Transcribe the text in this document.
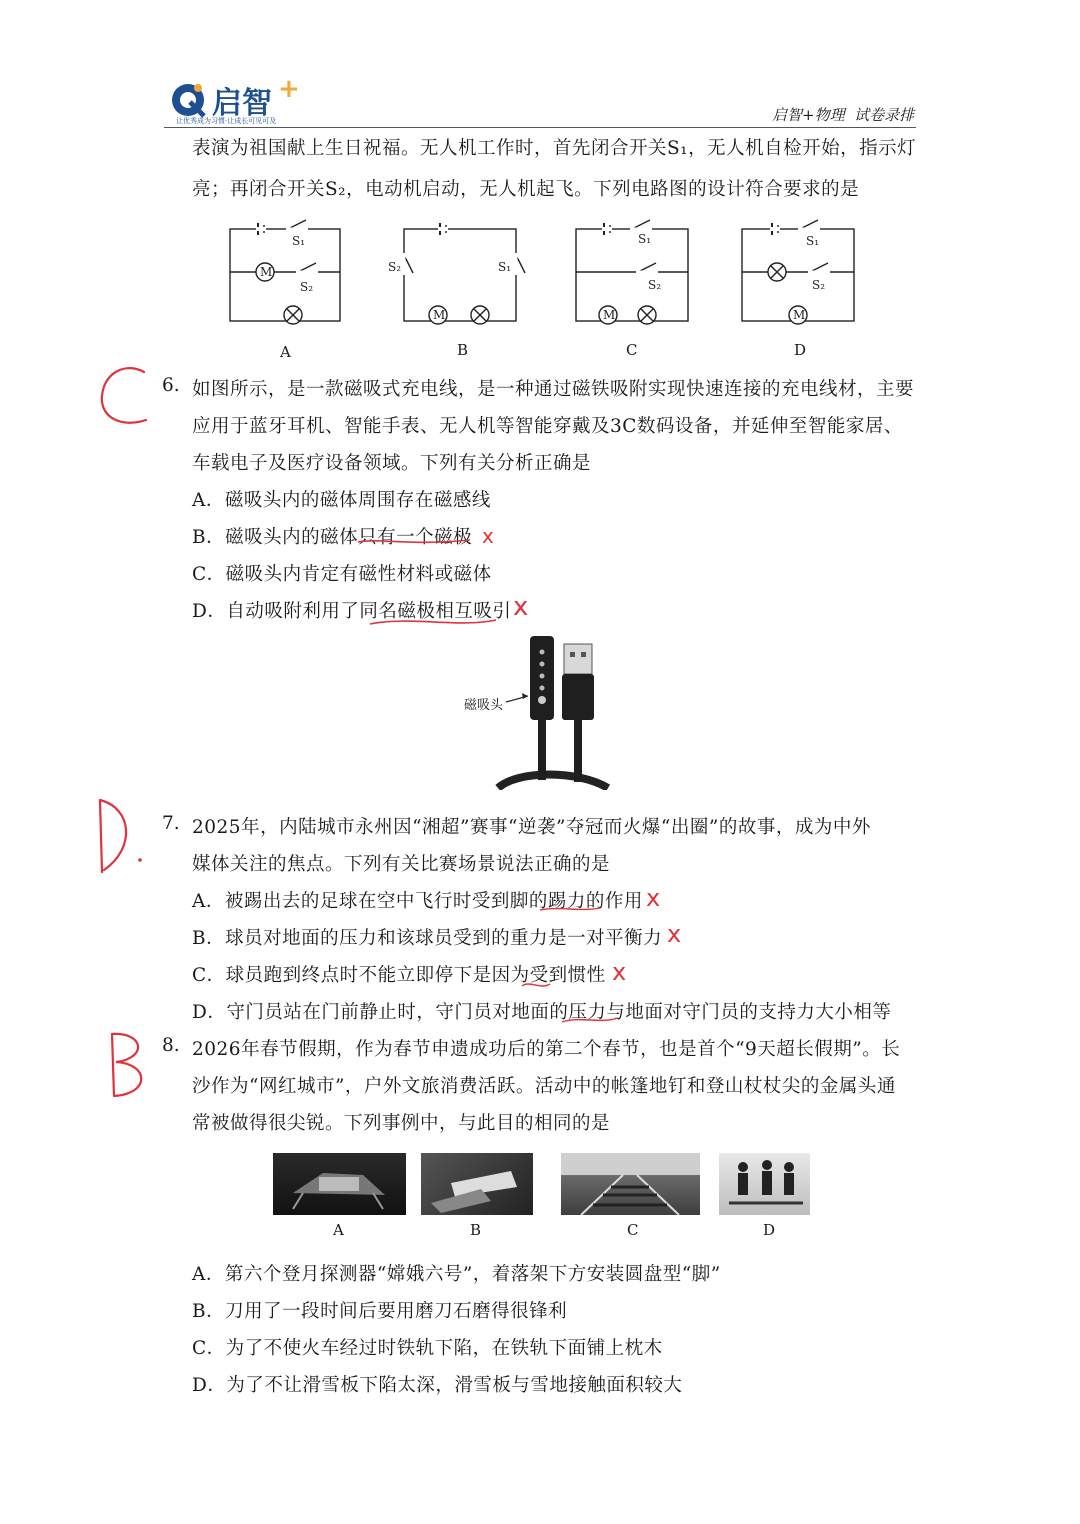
启智 +
让优秀成为习惯·让成长可见可及	启智+物理  试卷录排
表演为祖国献上生日祝福。无人机工作时，首先闭合开关S₁，无人机自检开始，指示灯
亮；再闭合开关S₂，电动机启动，无人机起飞。下列电路图的设计符合要求的是
S₁
M
S₂
S₂	S₁
M
S₁
S₂
M
S₁
S₂
M
A	B	C	D
6. 如图所示，是一款磁吸式充电线，是一种通过磁铁吸附实现快速连接的充电线材，主要
应用于蓝牙耳机、智能手表、无人机等智能穿戴及3C数码设备，并延伸至智能家居、
车载电子及医疗设备领域。下列有关分析正确是
A．磁吸头内的磁体周围存在磁感线
B．磁吸头内的磁体只有一个磁极
C．磁吸头内肯定有磁性材料或磁体
D．自动吸附利用了同名磁极相互吸引
x
x
磁吸头
7. 2025年，内陆城市永州因“湘超”赛事“逆袭”夺冠而火爆“出圈”的故事，成为中外
媒体关注的焦点。下列有关比赛场景说法正确的是
A．被踢出去的足球在空中飞行时受到脚的踢力的作用
B．球员对地面的压力和该球员受到的重力是一对平衡力
C．球员跑到终点时不能立即停下是因为受到惯性
D．守门员站在门前静止时，守门员对地面的压力与地面对守门员的支持力大小相等
x
x
x
8. 2026年春节假期，作为春节申遗成功后的第二个春节，也是首个“9天超长假期”。长
沙作为“网红城市”，户外文旅消费活跃。活动中的帐篷地钉和登山杖杖尖的金属头通
常被做得很尖锐。下列事例中，与此目的相同的是
A	B	C	D
A．第六个登月探测器“嫦娥六号”，着落架下方安装圆盘型“脚”
B．刀用了一段时间后要用磨刀石磨得很锋利
C．为了不使火车经过时铁轨下陷，在铁轨下面铺上枕木
D．为了不让滑雪板下陷太深，滑雪板与雪地接触面积较大
